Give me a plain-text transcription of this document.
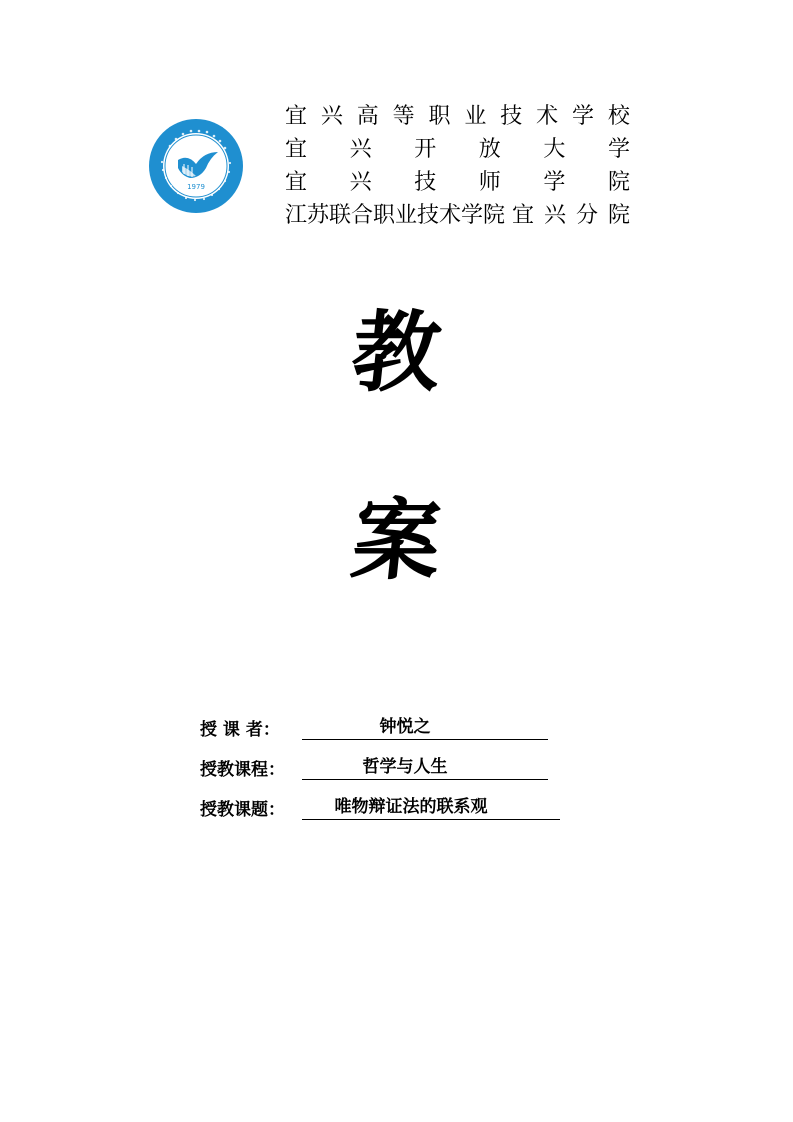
1979
宜 兴 高 等 职 业 技 术 学 校
宜 兴 开 放 大 学
宜 兴 技 师 学 院
江苏联合职业技术学院 宜 兴 分 院
教
案
授 课 者：	钟悦之
授教课程：	哲学与人生
授教课题：	唯物辩证法的联系观
